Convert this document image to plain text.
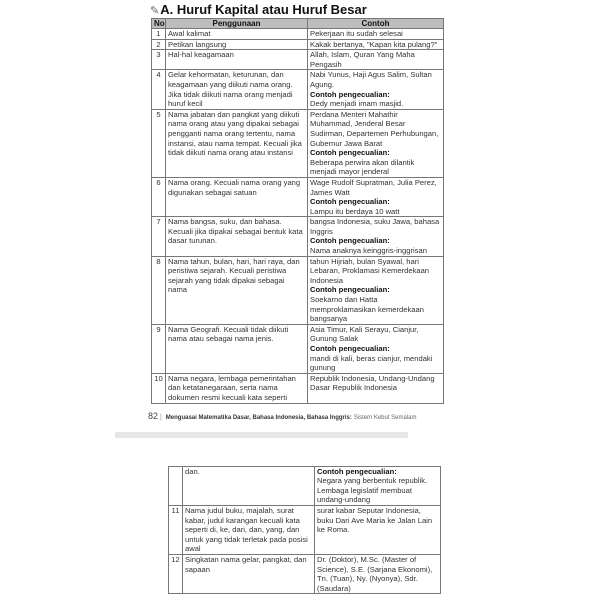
✎A. Huruf Kapital atau Huruf Besar
No	Penggunaan	Contoh
1	Awal kalimat	Pekerjaan itu sudah selesai

2	Petikan langsung	Kakak bertanya, "Kapan kita pulang?"

3	Hal-hal keagamaan	Allah, Islam, Quran Yang Maha Pengasih

4	Gelar kehormatan, keturunan, dan keagamaan yang diikuti nama orang. Jika tidak diikuti nama orang menjadi huruf kecil	Nabi Yunus, Haji Agus Salim, Sultan Agung.
Contoh pengecualian:
Dedy menjadi imam masjid.

5	Nama jabatan dan pangkat yang diikuti nama orang atau yang dipakai sebagai pengganti nama orang tertentu, nama instansi, atau nama tempat. Kecuali jika tidak diikuti nama orang atau instansi	Perdana Menteri Mahathir Muhammad, Jenderal Besar Sudirman, Departemen Perhubungan, Gubernur Jawa Barat
Contoh pengecualian:
Beberapa perwira akan dilantik menjadi mayor jenderal

6	Nama orang. Kecuali nama orang yang digunakan sebagai satuan	Wage Rudolf Supratman, Julia Perez, James Watt
Contoh pengecualian:
Lampu itu berdaya 10 watt

7	Nama bangsa, suku, dan bahasa. Kecuali jika dipakai sebagai bentuk kata dasar turunan.	bangsa Indonesia, suku Jawa, bahasa Inggris
Contoh pengecualian:
Nama anaknya keinggris-inggrisan

8	Nama tahun, bulan, hari, hari raya, dan peristiwa sejarah. Kecuali peristiwa sejarah yang tidak dipakai sebagai nama	tahun Hijriah, bulan Syawal, hari Lebaran, Proklamasi Kemerdekaan Indonesia
Contoh pengecualian:
Soekarno dan Hatta memproklamasikan kemerdekaan bangsanya

9	Nama Geografi. Kecuali tidak diikuti nama atau sebagai nama jenis.	Asia Timur, Kali Serayu, Cianjur, Gunung Salak
Contoh pengecualian:
mandi di kali, beras cianjur, mendaki gunung

10	Nama negara, lembaga pemerintahan dan ketatanegaraan, serta nama dokumen resmi kecuali kata seperti	Republik Indonesia, Undang-Undang Dasar Republik Indonesia
82 | Menguasai Matematika Dasar, Bahasa Indonesia, Bahasa Inggris: Sistem Kebut Semalam
	dan.	Contoh pengecualian:
Negara yang berbentuk republik. Lembaga legislatif membuat undang-undang

11	Nama judul buku, majalah, surat kabar, judul karangan kecuali kata seperti di, ke, dari, dan, yang, dan untuk yang tidak terletak pada posisi awal	surat kabar Seputar Indonesia, buku Dari Ave Maria ke Jalan Lain ke Roma.

12	Singkatan nama gelar, pangkat, dan sapaan	Dr. (Doktor), M.Sc. (Master of Science), S.E. (Sarjana Ekonomi), Tn. (Tuan), Ny. (Nyonya), Sdr.(Saudara)
